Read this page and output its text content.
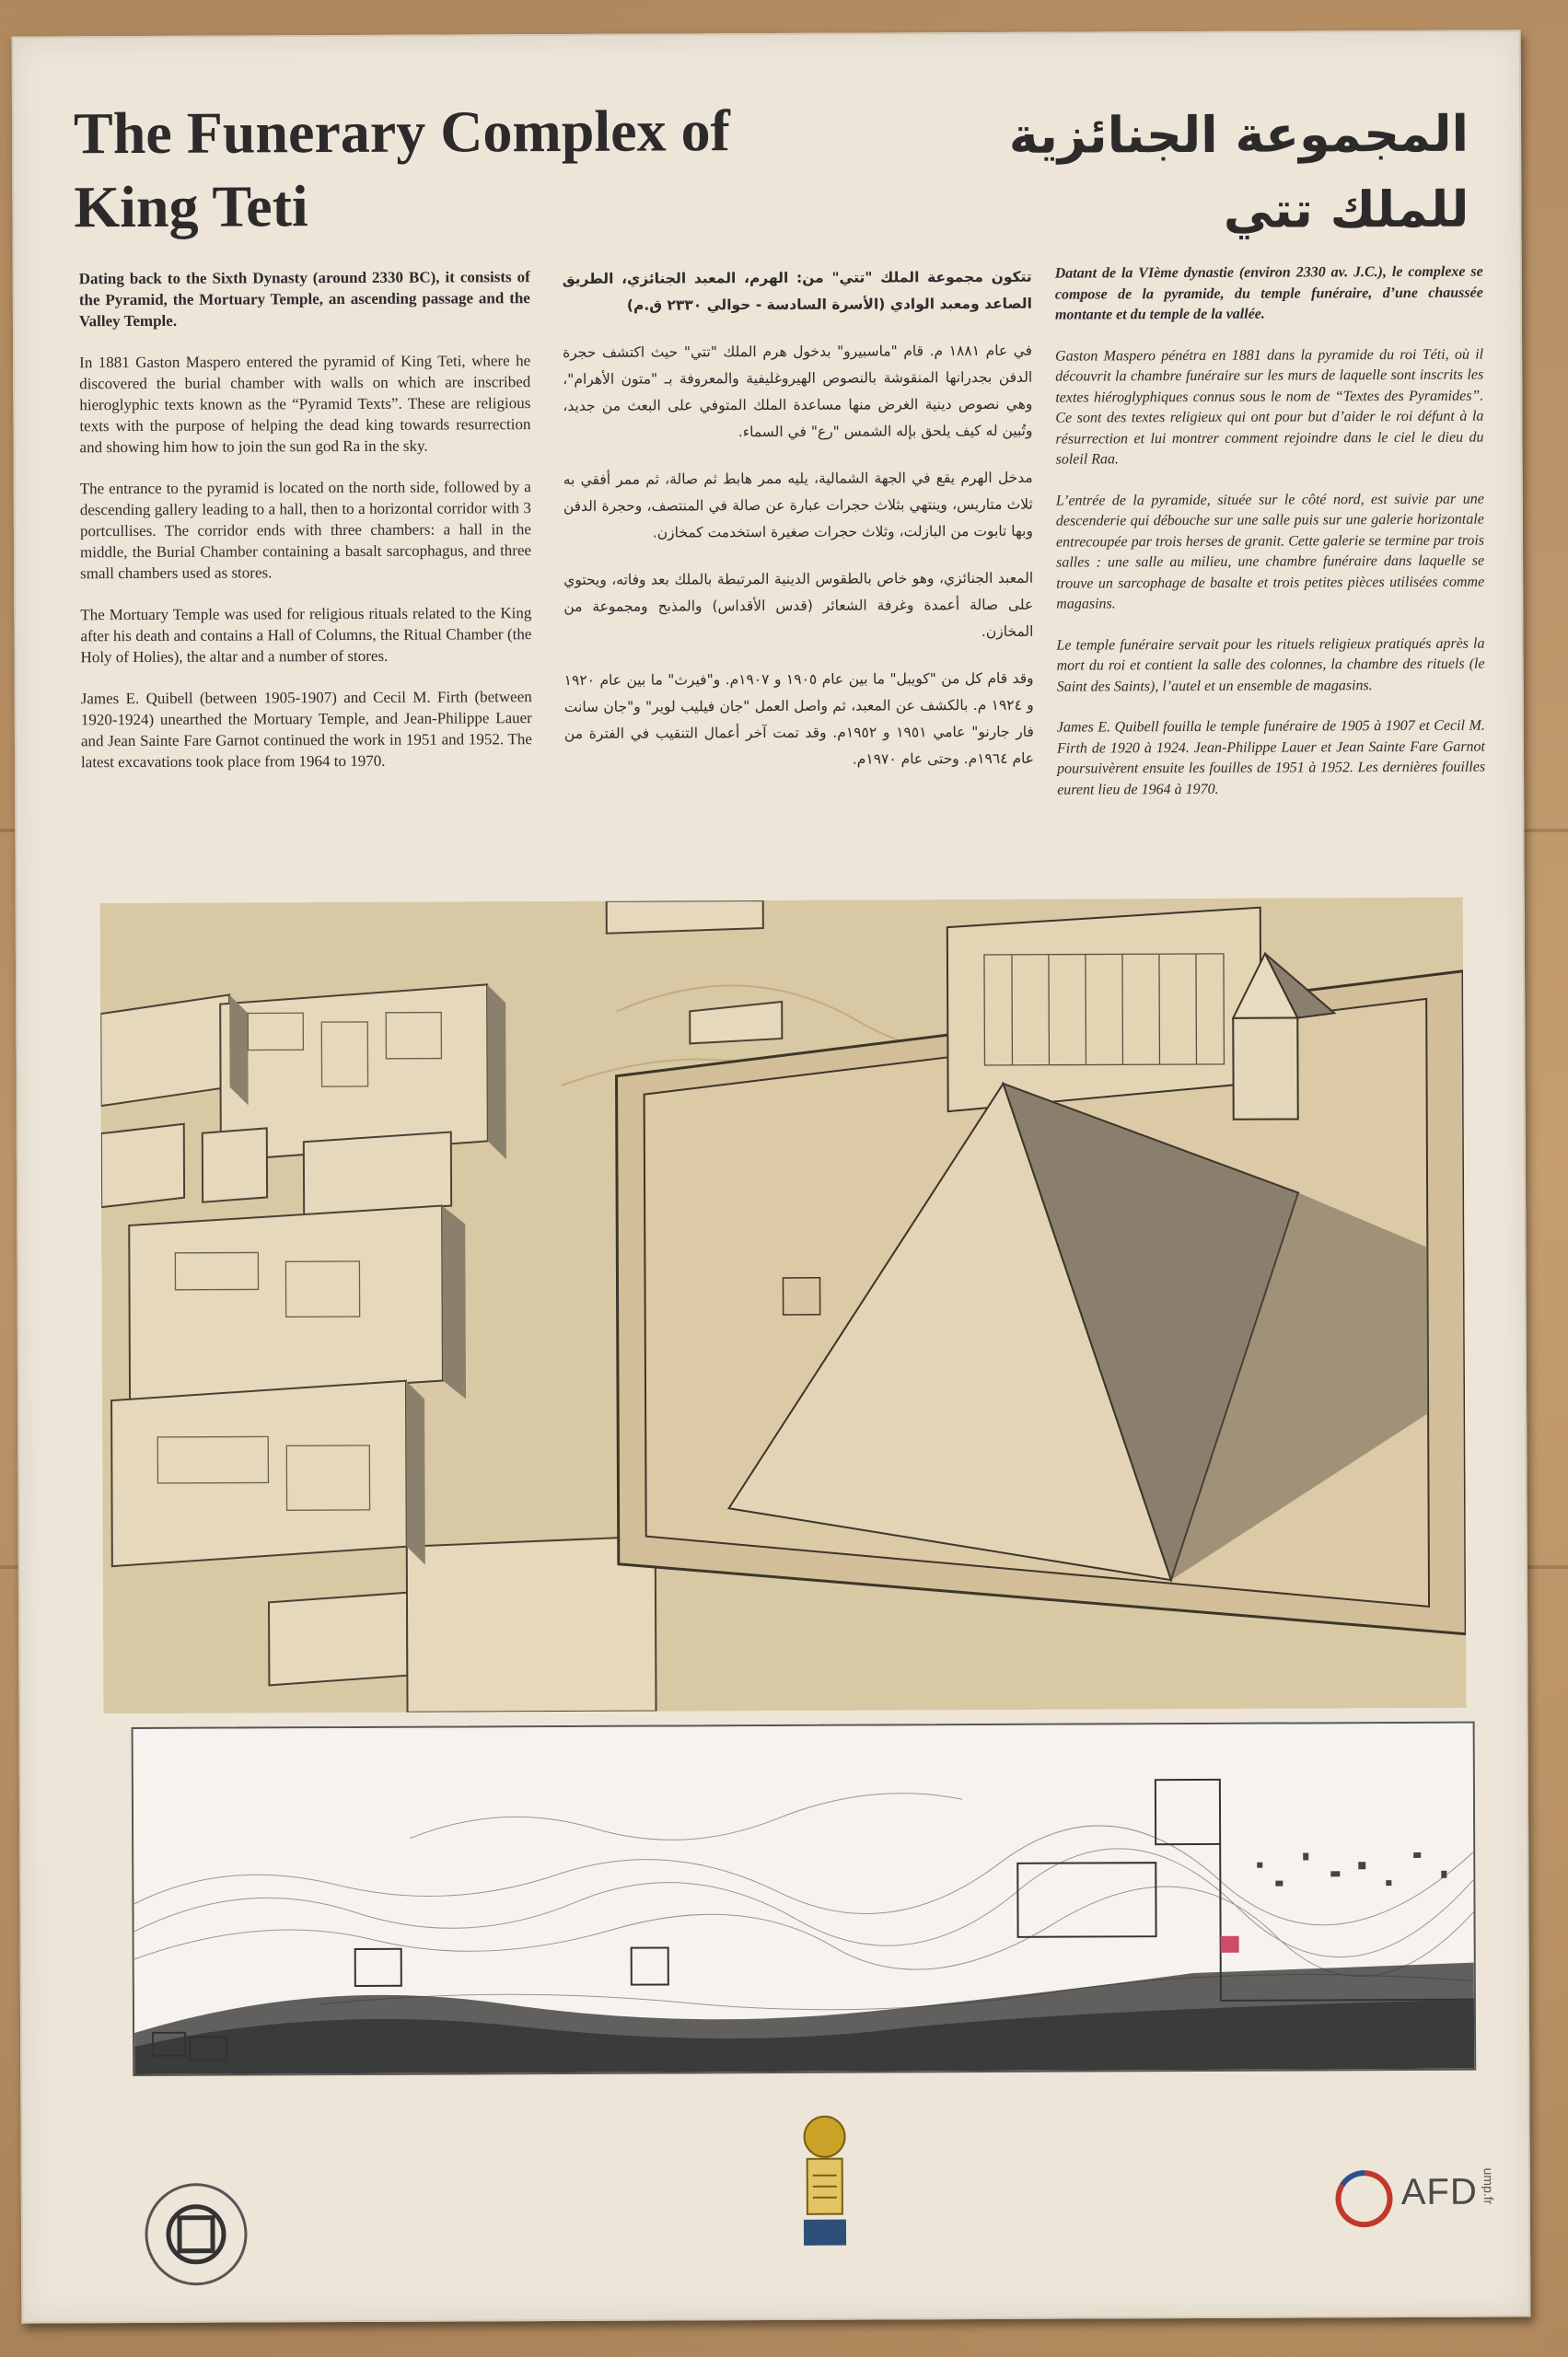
The Funerary Complex of King Teti
المجموعة الجنائزية للملك تتي

Dating back to the Sixth Dynasty (around 2330 BC), it consists of the Pyramid, the Mortuary Temple, an ascending passage and the Valley Temple.

In 1881 Gaston Maspero entered the pyramid of King Teti, where he discovered the burial chamber with walls on which are inscribed hieroglyphic texts known as the “Pyramid Texts”. These are religious texts with the purpose of helping the dead king towards resurrection and showing him how to join the sun god Ra in the sky.

The entrance to the pyramid is located on the north side, followed by a descending gallery leading to a hall, then to a horizontal corridor with 3 portcullises. The corridor ends with three chambers: a hall in the middle, the Burial Chamber containing a basalt sarcophagus, and three small chambers used as stores.

The Mortuary Temple was used for religious rituals related to the King after his death and contains a Hall of Columns, the Ritual Chamber (the Holy of Holies), the altar and a number of stores.

James E. Quibell (between 1905-1907) and Cecil M. Firth (between 1920-1924) unearthed the Mortuary Temple, and Jean-Philippe Lauer and Jean Sainte Fare Garnot continued the work in 1951 and 1952. The latest excavations took place from 1964 to 1970.

تتكون مجموعة الملك "تتي" من: الهرم، المعبد الجنائزي، الطريق الصاعد ومعبد الوادي (الأسرة السادسة - حوالي ٢٣٣٠ ق.م)

في عام ١٨٨١ م. قام "ماسبيرو" بدخول هرم الملك "تتي" حيث اكتشف حجرة الدفن بجدرانها المنقوشة بالنصوص الهيروغليفية والمعروفة بـ "متون الأهرام"، وهي نصوص دينية الغرض منها مساعدة الملك المتوفي على البعث من جديد، وتُبين له كيف يلحق بإله الشمس "رع" في السماء.

مدخل الهرم يقع في الجهة الشمالية، يليه ممر هابط ثم صالة، ثم ممر أفقي به ثلاث متاريس، وينتهي بثلاث حجرات عبارة عن صالة في المنتصف، وحجرة الدفن وبها تابوت من البازلت، وثلاث حجرات صغيرة استخدمت كمخازن.

المعبد الجنائزي، وهو خاص بالطقوس الدينية المرتبطة بالملك بعد وفاته، ويحتوي على صالة أعمدة وغرفة الشعائر (قدس الأقداس) والمذبح ومجموعة من المخازن.

وقد قام كل من "كويبل" ما بين عام ١٩٠٥ و ١٩٠٧م. و"فيرث" ما بين عام ١٩٢٠ و ١٩٢٤ م. بالكشف عن المعبد، ثم واصل العمل "جان فيليب لوير" و"جان سانت فار جارنو" عامي ١٩٥١ و ١٩٥٢م. وقد تمت آخر أعمال التنقيب في الفترة من عام ١٩٦٤م. وحتى عام ١٩٧٠م.

Datant de la VIème dynastie (environ 2330 av. J.C.), le complexe se compose de la pyramide, du temple funéraire, d’une chaussée montante et du temple de la vallée.

Gaston Maspero pénétra en 1881 dans la pyramide du roi Téti, où il découvrit la chambre funéraire sur les murs de laquelle sont inscrits les textes hiéroglyphiques connus sous le nom de “Textes des Pyramides”. Ce sont des textes religieux qui ont pour but d’aider le roi défunt à la résurrection et lui montrer comment rejoindre dans le ciel le dieu du soleil Raa.

L’entrée de la pyramide, située sur le côté nord, est suivie par une descenderie qui débouche sur une salle puis sur une galerie horizontale entrecoupée par trois herses de granit. Cette galerie se termine par trois salles : une salle au milieu, une chambre funéraire dans laquelle se trouve un sarcophage de basalte et trois petites pièces utilisées comme magasins.

Le temple funéraire servait pour les rituels religieux pratiqués après la mort du roi et contient la salle des colonnes, la chambre des rituels (le Saint des Saints), l’autel et un ensemble de magasins.

James E. Quibell fouilla le temple funéraire de 1905 à 1907 et Cecil M. Firth de 1920 à 1924. Jean-Philippe Lauer et Jean Sainte Fare Garnot poursuivèrent ensuite les fouilles de 1951 à 1952. Les dernières fouilles eurent lieu de 1964 à 1970.

AFD ump.fr
